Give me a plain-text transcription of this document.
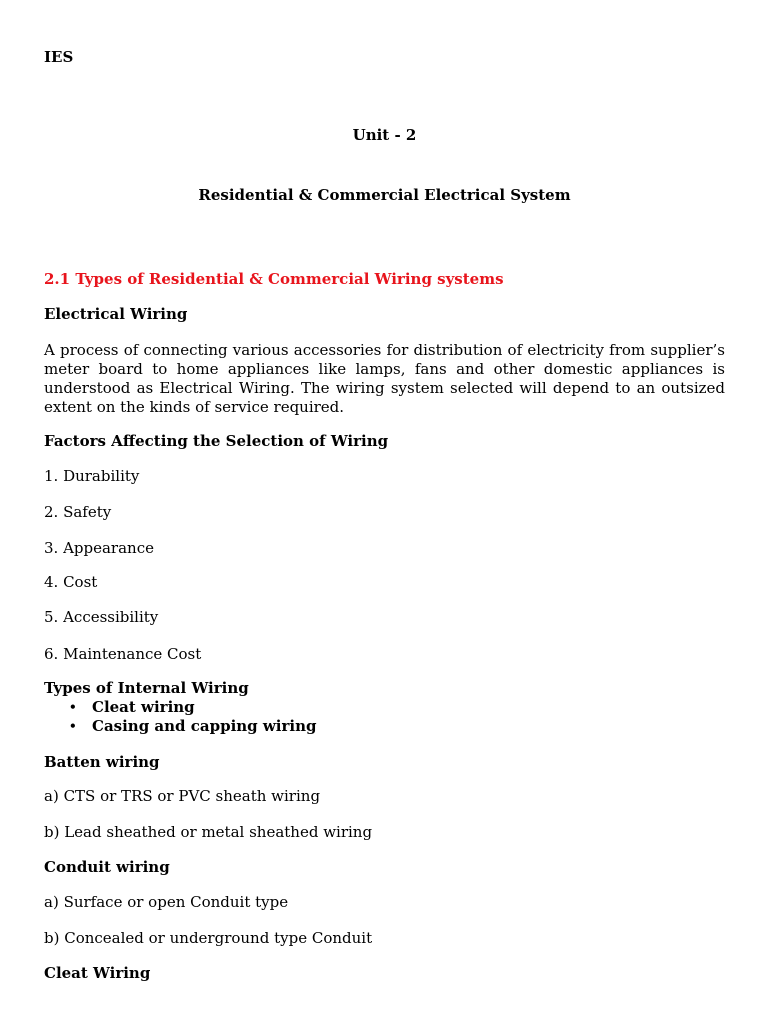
IES
Unit - 2
Residential & Commercial Electrical System
2.1 Types of Residential & Commercial Wiring systems
Electrical Wiring
A process of connecting various accessories for distribution of electricity from supplier’s meter board to home appliances like lamps, fans and other domestic appliances is understood as Electrical Wiring. The wiring system selected will depend to an outsized extent on the kinds of service required.
Factors Affecting the Selection of Wiring
1. Durability
2. Safety
3. Appearance
4. Cost
5. Accessibility
6. Maintenance Cost
Types of Internal Wiring
• Cleat wiring
• Casing and capping wiring
Batten wiring
a) CTS or TRS or PVC sheath wiring
b) Lead sheathed or metal sheathed wiring
Conduit wiring
a) Surface or open Conduit type
b) Concealed or underground type Conduit
Cleat Wiring
